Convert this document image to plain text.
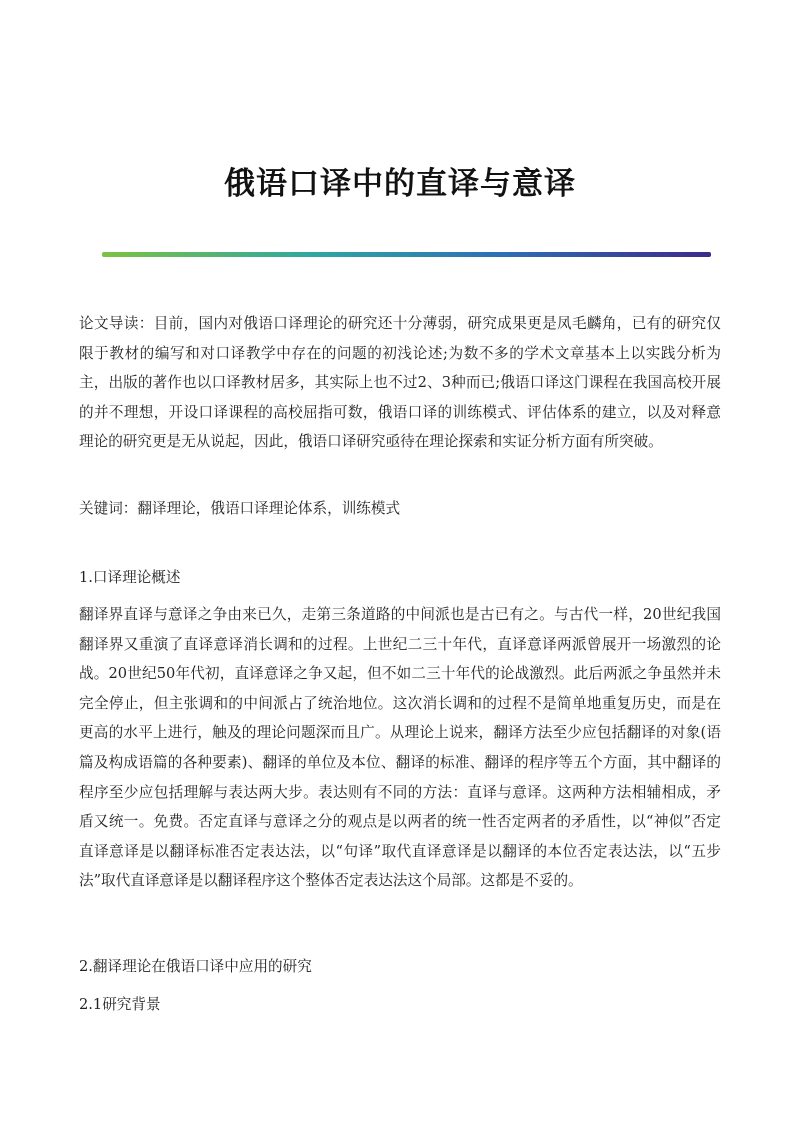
俄语口译中的直译与意译

论文导读：目前，国内对俄语口译理论的研究还十分薄弱，研究成果更是凤毛麟角，已有的研究仅限于教材的编写和对口译教学中存在的问题的初浅论述;为数不多的学术文章基本上以实践分析为主，出版的著作也以口译教材居多，其实际上也不过2、3种而已;俄语口译这门课程在我国高校开展的并不理想，开设口译课程的高校屈指可数，俄语口译的训练模式、评估体系的建立，以及对释意理论的研究更是无从说起，因此，俄语口译研究亟待在理论探索和实证分析方面有所突破。

关键词：翻译理论，俄语口译理论体系，训练模式

1.口译理论概述

翻译界直译与意译之争由来已久，走第三条道路的中间派也是古已有之。与古代一样，20世纪我国翻译界又重演了直译意译消长调和的过程。上世纪二三十年代，直译意译两派曾展开一场激烈的论战。20世纪50年代初，直译意译之争又起，但不如二三十年代的论战激烈。此后两派之争虽然并未完全停止，但主张调和的中间派占了统治地位。这次消长调和的过程不是简单地重复历史，而是在更高的水平上进行，触及的理论问题深而且广。从理论上说来，翻译方法至少应包括翻译的对象(语篇及构成语篇的各种要素)、翻译的单位及本位、翻译的标准、翻译的程序等五个方面，其中翻译的程序至少应包括理解与表达两大步。表达则有不同的方法：直译与意译。这两种方法相辅相成，矛盾又统一。免费。否定直译与意译之分的观点是以两者的统一性否定两者的矛盾性，以“神似”否定直译意译是以翻译标准否定表达法，以“句译”取代直译意译是以翻译的本位否定表达法，以“五步法”取代直译意译是以翻译程序这个整体否定表达法这个局部。这都是不妥的。

2.翻译理论在俄语口译中应用的研究

2.1研究背景
